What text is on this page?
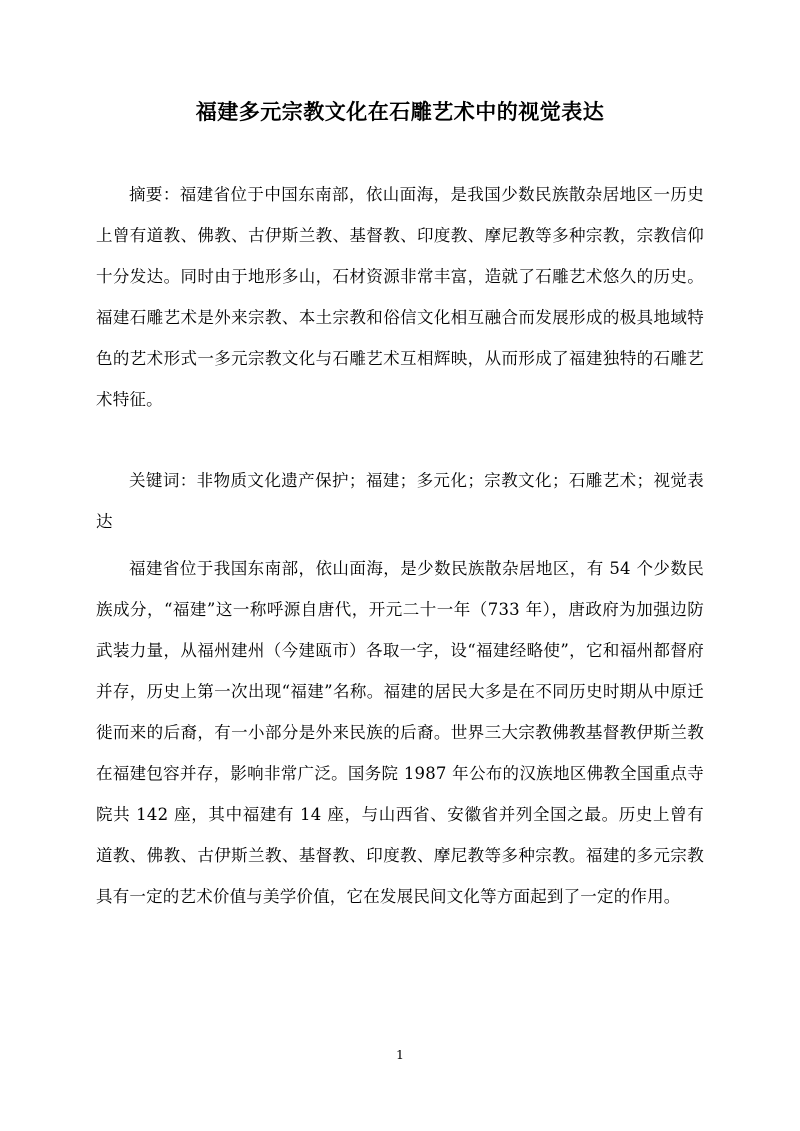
福建多元宗教文化在石雕艺术中的视觉表达

摘要：福建省位于中国东南部，依山面海，是我国少数民族散杂居地区一历史上曾有道教、佛教、古伊斯兰教、基督教、印度教、摩尼教等多种宗教，宗教信仰十分发达。同时由于地形多山，石材资源非常丰富，造就了石雕艺术悠久的历史。福建石雕艺术是外来宗教、本土宗教和俗信文化相互融合而发展形成的极具地域特色的艺术形式一多元宗教文化与石雕艺术互相辉映，从而形成了福建独特的石雕艺术特征。

关键词：非物质文化遗产保护；福建；多元化；宗教文化；石雕艺术；视觉表达

福建省位于我国东南部，依山面海，是少数民族散杂居地区，有 54 个少数民族成分，“福建”这一称呼源自唐代，开元二十一年（733 年），唐政府为加强边防武装力量，从福州建州（今建瓯市）各取一字，设“福建经略使”，它和福州都督府并存，历史上第一次出现“福建”名称。福建的居民大多是在不同历史时期从中原迁徙而来的后裔，有一小部分是外来民族的后裔。世界三大宗教佛教基督教伊斯兰教在福建包容并存，影响非常广泛。国务院 1987 年公布的汉族地区佛教全国重点寺院共 142 座，其中福建有 14 座，与山西省、安徽省并列全国之最。历史上曾有道教、佛教、古伊斯兰教、基督教、印度教、摩尼教等多种宗教。福建的多元宗教具有一定的艺术价值与美学价值，它在发展民间文化等方面起到了一定的作用。

1
